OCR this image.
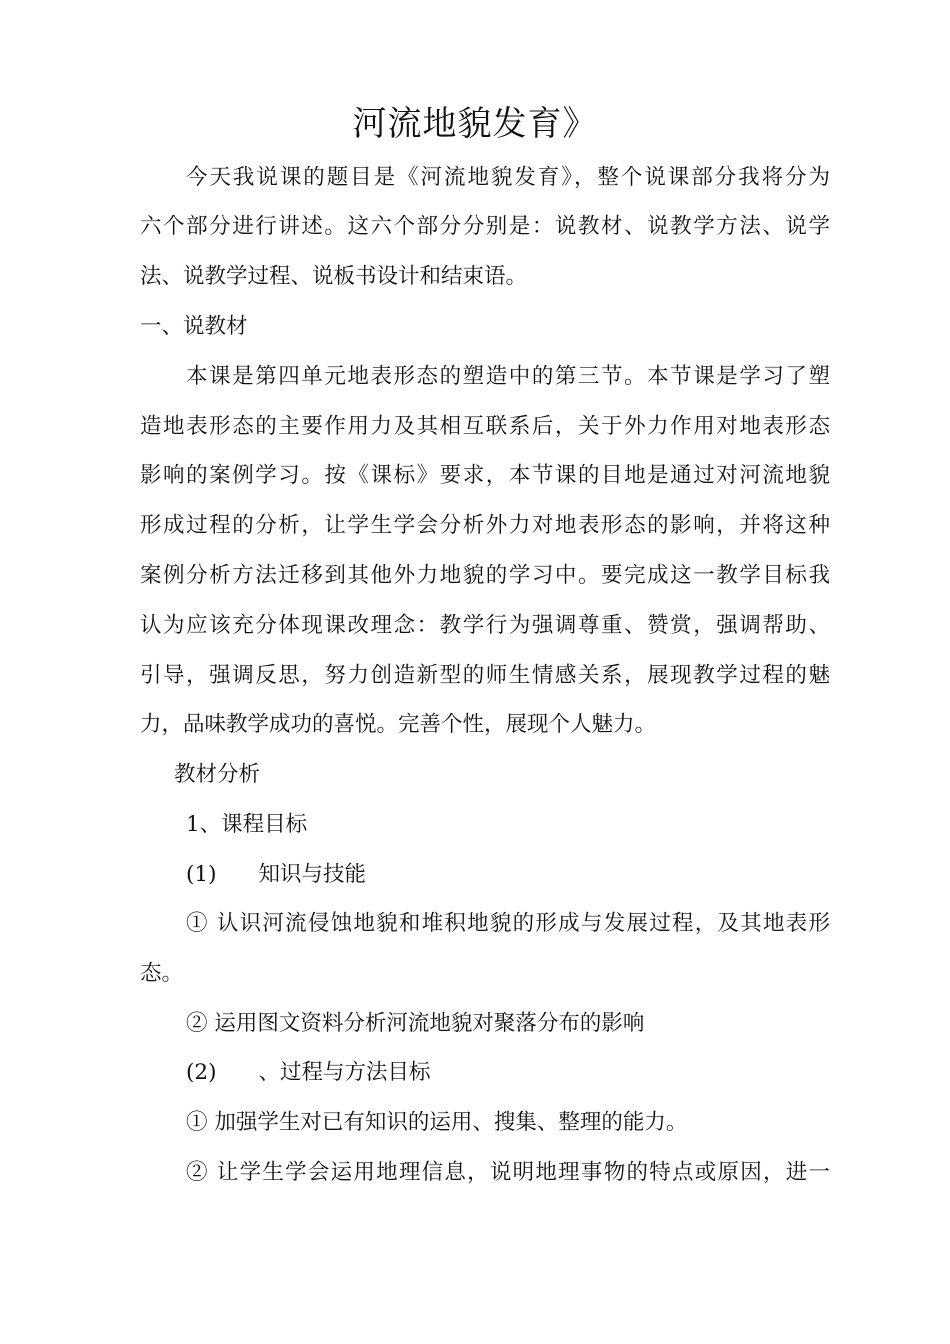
河流地貌发育》
今天我说课的题目是《河流地貌发育》，整个说课部分我将分为
六个部分进行讲述。这六个部分分别是：说教材、说教学方法、说学
法、说教学过程、说板书设计和结束语。
一、说教材
本课是第四单元地表形态的塑造中的第三节。本节课是学习了塑
造地表形态的主要作用力及其相互联系后，关于外力作用对地表形态
影响的案例学习。按《课标》要求，本节课的目地是通过对河流地貌
形成过程的分析，让学生学会分析外力对地表形态的影响，并将这种
案例分析方法迁移到其他外力地貌的学习中。要完成这一教学目标我
认为应该充分体现课改理念：教学行为强调尊重、赞赏，强调帮助、
引导，强调反思，努力创造新型的师生情感关系，展现教学过程的魅
力，品味教学成功的喜悦。完善个性，展现个人魅力。
教材分析
1、课程目标
(1) 知识与技能
① 认识河流侵蚀地貌和堆积地貌的形成与发展过程，及其地表形
态。
② 运用图文资料分析河流地貌对聚落分布的影响
(2) 、过程与方法目标
① 加强学生对已有知识的运用、搜集、整理的能力。
② 让学生学会运用地理信息，说明地理事物的特点或原因，进一
